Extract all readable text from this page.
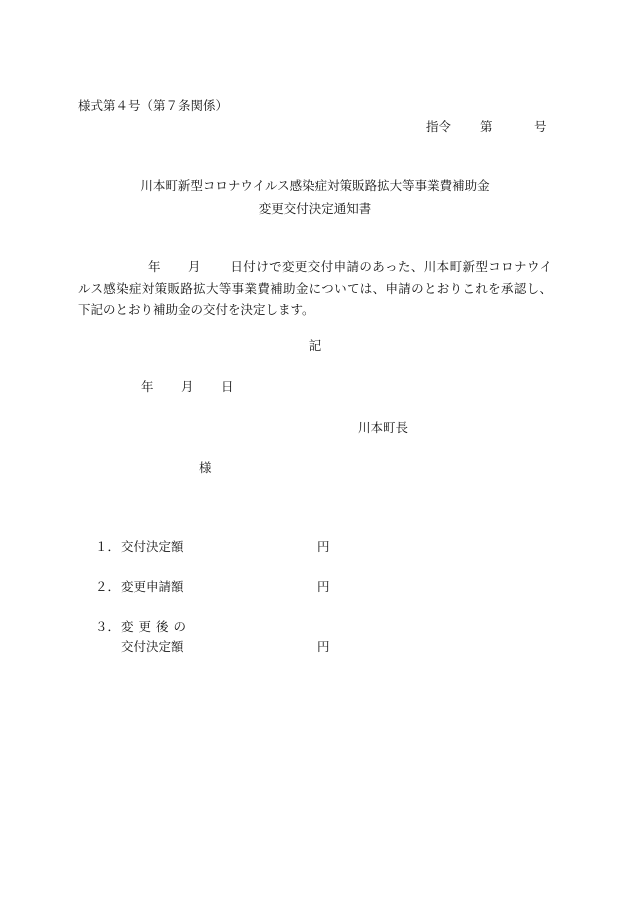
様式第４号（第７条関係）
指令 第	号
川本町新型コロナウイルス感染症対策販路拡大等事業費補助金
変更交付決定通知書
年 月 日付けで変更交付申請のあった、川本町新型コロナウイルス感染症対策販路拡大等事業費補助金については、申請のとおりこれを承認し、下記のとおり補助金の交付を決定します。
記
年 月 日
川本町長
様
１．交付決定額	円
２．変更申請額	円
３．変更後の
交付決定額	円
